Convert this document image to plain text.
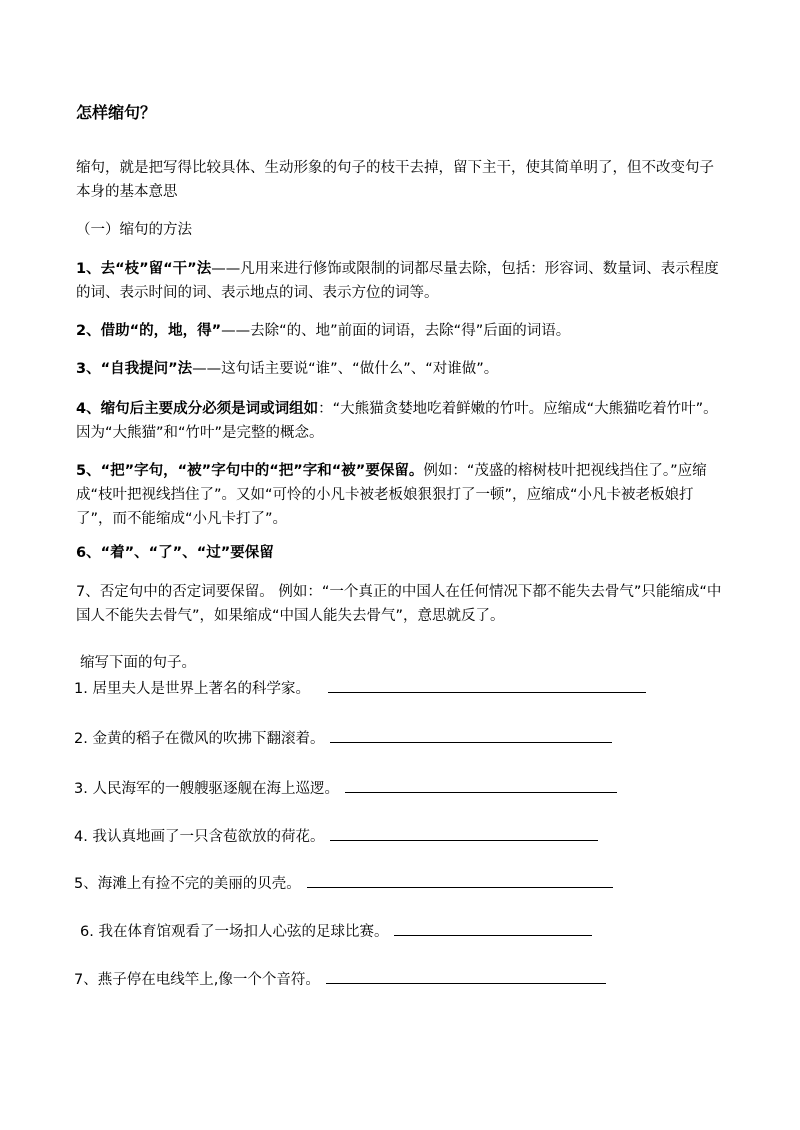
怎样缩句？
缩句，就是把写得比较具体、生动形象的句子的枝干去掉，留下主干，使其简单明了，但不改变句子本身的基本意思
（一）缩句的方法
1、去“枝”留“干”法——凡用来进行修饰或限制的词都尽量去除，包括：形容词、数量词、表示程度的词、表示时间的词、表示地点的词、表示方位的词等。
2、借助“的，地，得”——去除“的、地”前面的词语，去除“得”后面的词语。
3、“自我提问”法——这句话主要说“谁”、“做什么”、“对谁做”。
4、缩句后主要成分必须是词或词组如：“大熊猫贪婪地吃着鲜嫩的竹叶。应缩成“大熊猫吃着竹叶”。因为“大熊猫”和“竹叶”是完整的概念。
5、“把”字句，“被”字句中的“把”字和“被”要保留。例如：“茂盛的榕树枝叶把视线挡住了。”应缩成“枝叶把视线挡住了”。又如“可怜的小凡卡被老板娘狠狠打了一顿”，应缩成“小凡卡被老板娘打了”，而不能缩成“小凡卡打了”。
6、“着”、“了”、“过”要保留
7、否定句中的否定词要保留。 例如：“一个真正的中国人在任何情况下都不能失去骨气”只能缩成“中国人不能失去骨气”，如果缩成“中国人能失去骨气”，意思就反了。
缩写下面的句子。
1. 居里夫人是世界上著名的科学家。
2. 金黄的稻子在微风的吹拂下翻滚着。
3. 人民海军的一艘艘驱逐舰在海上巡逻。
4. 我认真地画了一只含苞欲放的荷花。
5、海滩上有捡不完的美丽的贝壳。
6. 我在体育馆观看了一场扣人心弦的足球比赛。
7、燕子停在电线竿上,像一个个音符。
